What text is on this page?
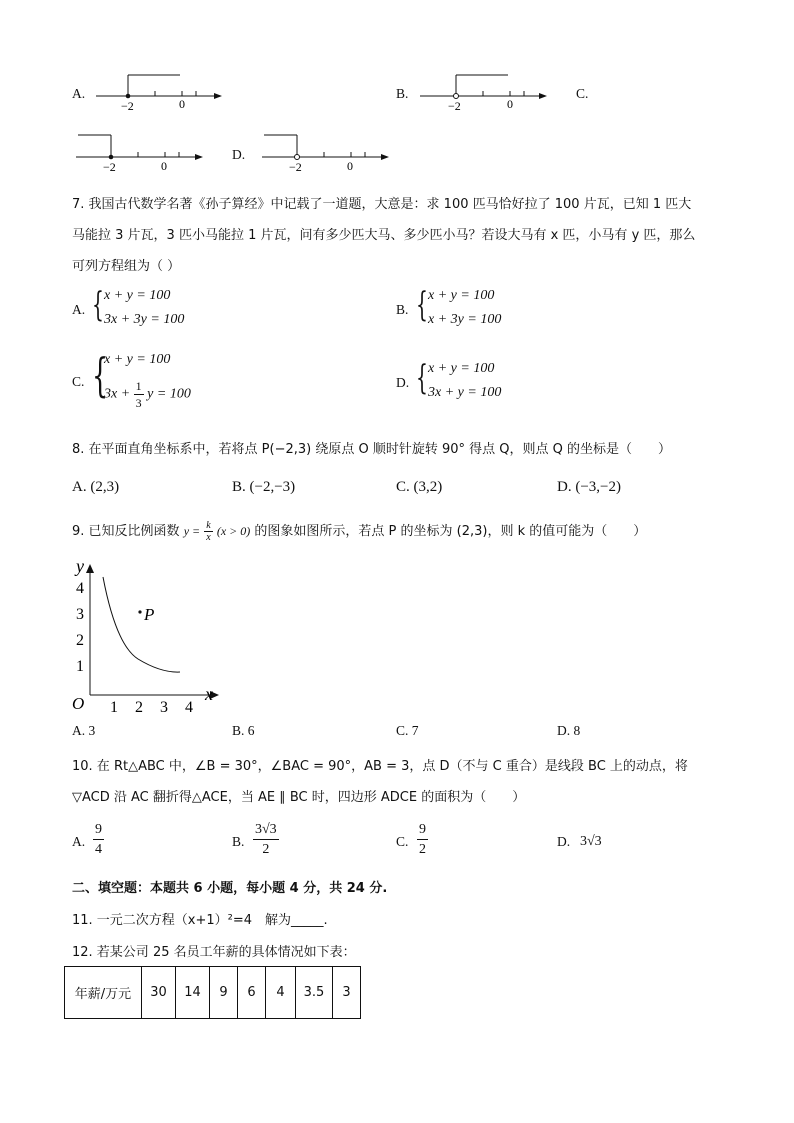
A.
−2	0
B.
−2	0
C.
−2	0
D.
−2	0
7. 我国古代数学名著《孙子算经》中记载了一道题，大意是：求 100 匹马恰好拉了 100 片瓦，已知 1 匹大
马能拉 3 片瓦，3 匹小马能拉 1 片瓦，问有多少匹大马、多少匹小马？若设大马有 x 匹，小马有 y 匹，那么
可列方程组为（ ）
A. { x + y = 100
3x + 3y = 100
B. { x + y = 100
x + 3y = 100
C. {
x + y = 100
$3x + \frac{1}{3}$ y = 100
D. { x + y = 100
3x + y = 100
8. 在平面直角坐标系中，若将点 P(−2,3) 绕原点 O 顺时针旋转 90° 得点 Q，则点 Q 的坐标是（　　）
A. (2,3)	B. (−2,−3)	C. (3,2)	D. (−3,−2)
9. 已知反比例函数 $y = \frac{k}{x} (x > 0)$ 的图象如图所示，若点 P 的坐标为 (2,3)，则 k 的值可能为（　　）
y
x
O
4
3
2
1
1 2 3 4
P
A. 3	B. 6	C. 7	D. 8
10. 在 Rt△ABC 中，∠B = 30°，∠BAC = 90°，AB = 3，点 D（不与 C 重合）是线段 BC 上的动点，将
▽ACD 沿 AC 翻折得△ACE，当 AE ∥ BC 时，四边形 ADCE 的面积为（　　）
A. $\frac{9}{4}$	B. $\frac{3√3}{2}$	C. $\frac{9}{2}$	D. 3√3
二、填空题：本题共 6 小题，每小题 4 分，共 24 分.
11. 一元二次方程（x+1）²=4　解为_____.
12. 若某公司 25 名员工年薪的具体情况如下表：
年薪/万元	30	14	9	6	4	3.5	3
